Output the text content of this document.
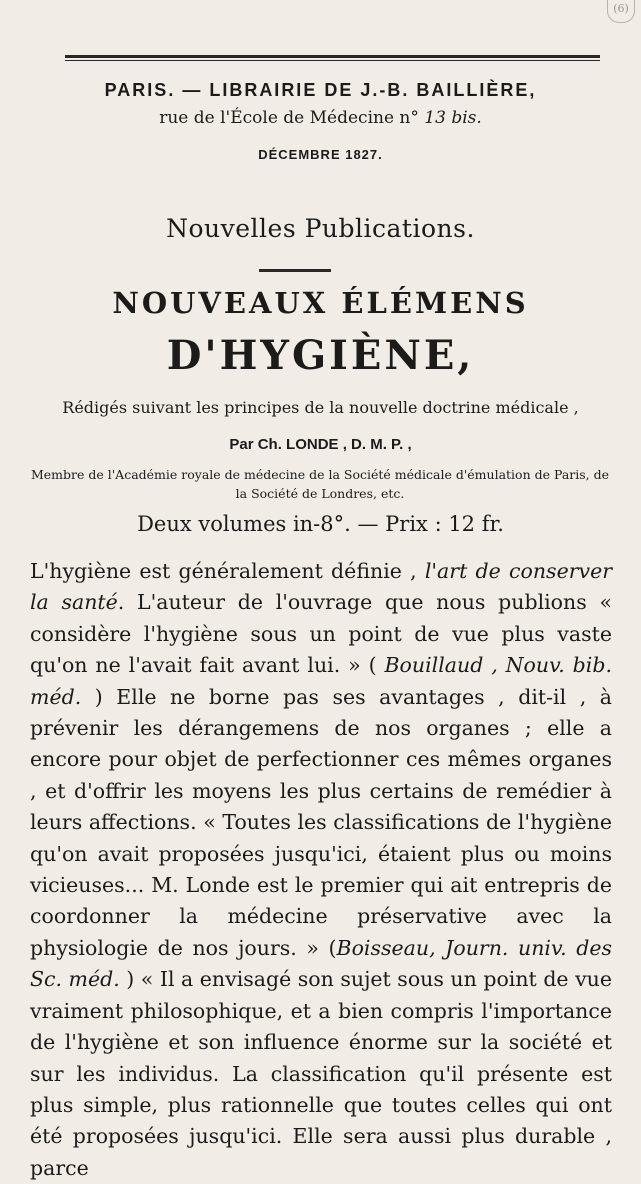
(6)
PARIS. — LIBRAIRIE DE J.-B. BAILLIÈRE,
rue de l'École de Médecine n° 13 bis.
DÉCEMBRE 1827.
Nouvelles Publications.
NOUVEAUX ÉLÉMENS
D'HYGIÈNE,
Rédigés suivant les principes de la nouvelle doctrine médicale ,
Par Ch. LONDE , D. M. P. ,
Membre de l'Académie royale de médecine de la Société médicale d'émulation de Paris, de la Société de Londres, etc.
Deux volumes in-8°. — Prix : 12 fr.
L'hygiène est généralement définie , l'art de conserver la santé. L'auteur de l'ouvrage que nous publions « considère l'hygiène sous un point de vue plus vaste qu'on ne l'avait fait avant lui. » ( Bouillaud , Nouv. bib. méd. ) Elle ne borne pas ses avantages , dit-il , à prévenir les dérangemens de nos organes ; elle a encore pour objet de perfectionner ces mêmes organes , et d'offrir les moyens les plus certains de remédier à leurs affections. « Toutes les classifications de l'hygiène qu'on avait proposées jusqu'ici, étaient plus ou moins vicieuses... M. Londe est le premier qui ait entrepris de coordonner la médecine préservative avec la physiologie de nos jours. » (Boisseau, Journ. univ. des Sc. méd. ) « Il a envisagé son sujet sous un point de vue vraiment philosophique, et a bien compris l'importance de l'hygiène et son influence énorme sur la société et sur les individus. La classification qu'il présente est plus simple, plus rationnelle que toutes celles qui ont été proposées jusqu'ici. Elle sera aussi plus durable , parce
